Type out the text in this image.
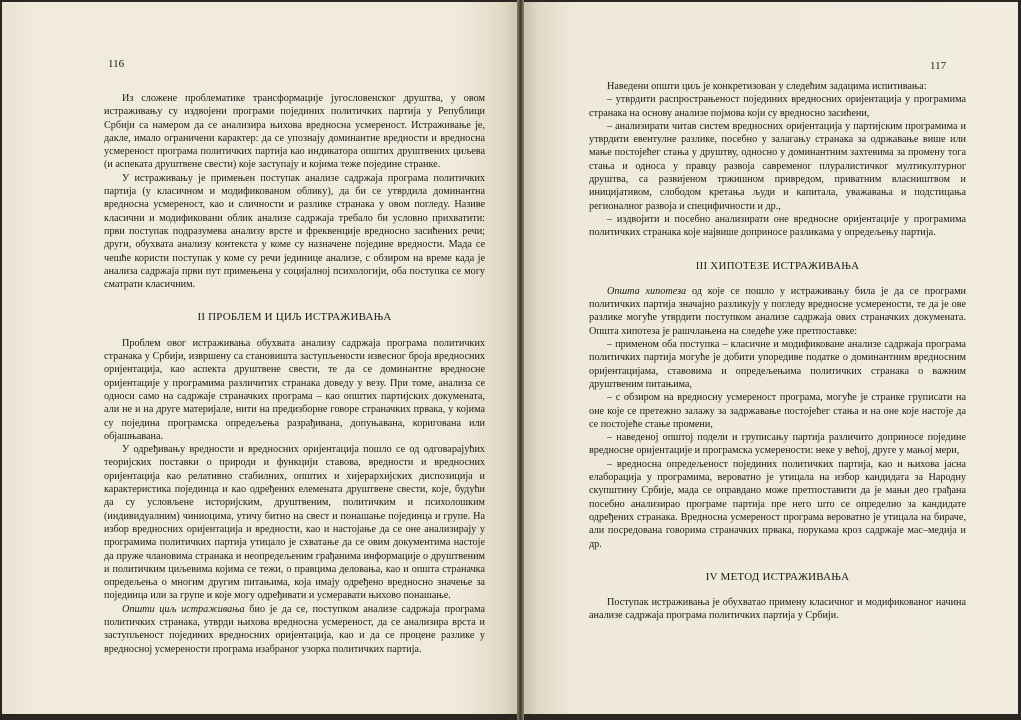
116

Из сложене проблематике трансформације југословенског друштва, у овом истраживању су издвојени програми појединих политичких партија у Републици Србији са намером да се анализира њихова вредносна усмереност. Истраживање је, дакле, имало ограничени карактер: да се упознају доминантне вредности и вредносна усмереност програма политичких партија као индикатора општих друштвених циљева (и аспеката друштвене свести) које заступају и којима теже поједине странке.

У истраживању је примењен поступак анализе садржаја програма политичких партија (у класичном и модификованом облику), да би се утврдила доминантна вредносна усмереност, као и сличности и разлике странака у овом погледу. Називе класични и модификовани облик анализе садржаја требало би условно прихватити: први поступак подразумева анализу врсте и фреквенције вредносно засићених речи; други, обухвата анализу контекста у коме су назначене поједине вредности. Мада се чешће користи поступак у коме су речи јединице анализе, с обзиром на време када је анализа садржаја први пут примењена у социјалној психологији, оба поступка се могу сматрати класичним.

II ПРОБЛЕМ И ЦИЉ ИСТРАЖИВАЊА

Проблем овог истраживања обухвата анализу садржаја програма политичких странака у Србији, извршену са становишта заступљености извесног броја вредносних оријентација, као аспекта друштвене свести, те да се доминантне вредносне оријентације у програмима различитих странака доведу у везу. При томе, анализа се односи само на садржаје страначких програма – као општих партијских докумената, али не и на друге материјале, нити на предизборне говоре страначких првака, у којима су поједина програмска опредељења разрађивана, допуњавана, коригована или објашњавана.

У одређивању вредности и вредносних оријентација пошло се од одговарајућих теоријских поставки о природи и функцији ставова, вредности и вредносних оријентација као релативно стабилних, општих и хијерархијских диспозиција и карактеристика појединца и као одређених елемената друштвене свести, које, будући да су условљене историјским, друштвеним, политичким и психолошким (индивидуалним) чиниоцима, утичу битно на свест и понашање појединца и групе. На избор вредносних оријентација и вредности, као и настојање да се оне анализирају у програмима политичких партија утицало је схватање да се овим документима настоје да пруже члановима странака и неопредељеним грађанима информације о друштвеним и политичким циљевима којима се тежи, о правцима деловања, као и општа страначка опредељења о многим другим питањима, која имају одређено вредносно значење за појединца или за групе и које могу одређивати и усмеравати њихово понашање.

Општи циљ истраживања био је да се, поступком анализе садржаја програма политичких странака, утврди њихова вредносна усмереност, да се анализира врста и заступљеност појединих вредносних оријентација, као и да се процене разлике у вредносној усмерености програма изабраног узорка политичких партија.

117

Наведени општи циљ је конкретизован у следећим задацима испитивања:

– утврдити распрострањеност појединих вредносних оријентација у програмима странака на основу анализе појмова који су вредносно засићени,

– анализирати читав систем вредносних оријентација у партијским програмима и утврдити евентулне разлике, посебно у залагању странака за одржавање више или мање постојећег стања у друштву, односно у доминантним захтевима за промену тога стања и односа у правцу развоја савременог плуралистичког мултикултурног друштва, са развијеном тржишном привредом, приватним власништвом и иницијативом, слободом кретања људи и капитала, уважавања и подстицања регионалног развоја и специфичности и др.,

– издвојити и посебно анализирати оне вредносне оријентације у програмима политичких странака које највише доприносе разликама у опредељењу партија.

III ХИПОТЕЗЕ ИСТРАЖИВАЊА

Општа хипотеза од које се пошло у истраживању била је да се програми политичких партија значајно разликују у погледу вредносне усмерености, те да је ове разлике могуће утврдити поступком анализе садржаја ових страначких докумената. Општа хипотеза је рашчлањена на следеће уже претпоставке:

– применом оба поступка – класичне и модификоване анализе садржаја програма политичких партија могуће је добити упоредиве податке о доминантним вредносним оријентацијама, ставовима и опредељењима политичких странака о важним друштвеним питањима,

– с обзиром на вредносну усмереност програма, могуће је странке груписати на оне које се претежно залажу за задржавање постојећег стања и на оне које настоје да се постојеће стање промени,

– наведеној општој подели и груписању партија различито доприносе поједине вредносне оријентације и програмска усмерености: неке у већој, друге у мањој мери,

– вредносна опредељеност појединих политичких партија, као и њихова јасна елаборација у програмима, вероватно је утицала на избор кандидата за Народну скупштину Србије, мада се оправдано може претпоставити да је мањи део грађана посебно анализирао програме партија пре него што се определио за кандидате одређених странака. Вредносна усмереност програма вероватно је утицала на бираче, али посредована говорима страначких првака, порукама кроз садржаје мас–медија и др.

IV МЕТОД ИСТРАЖИВАЊА

Поступак истраживања је обухватао примену класичног и модификованог начина анализе садржаја програма политичких партија у Србији.
